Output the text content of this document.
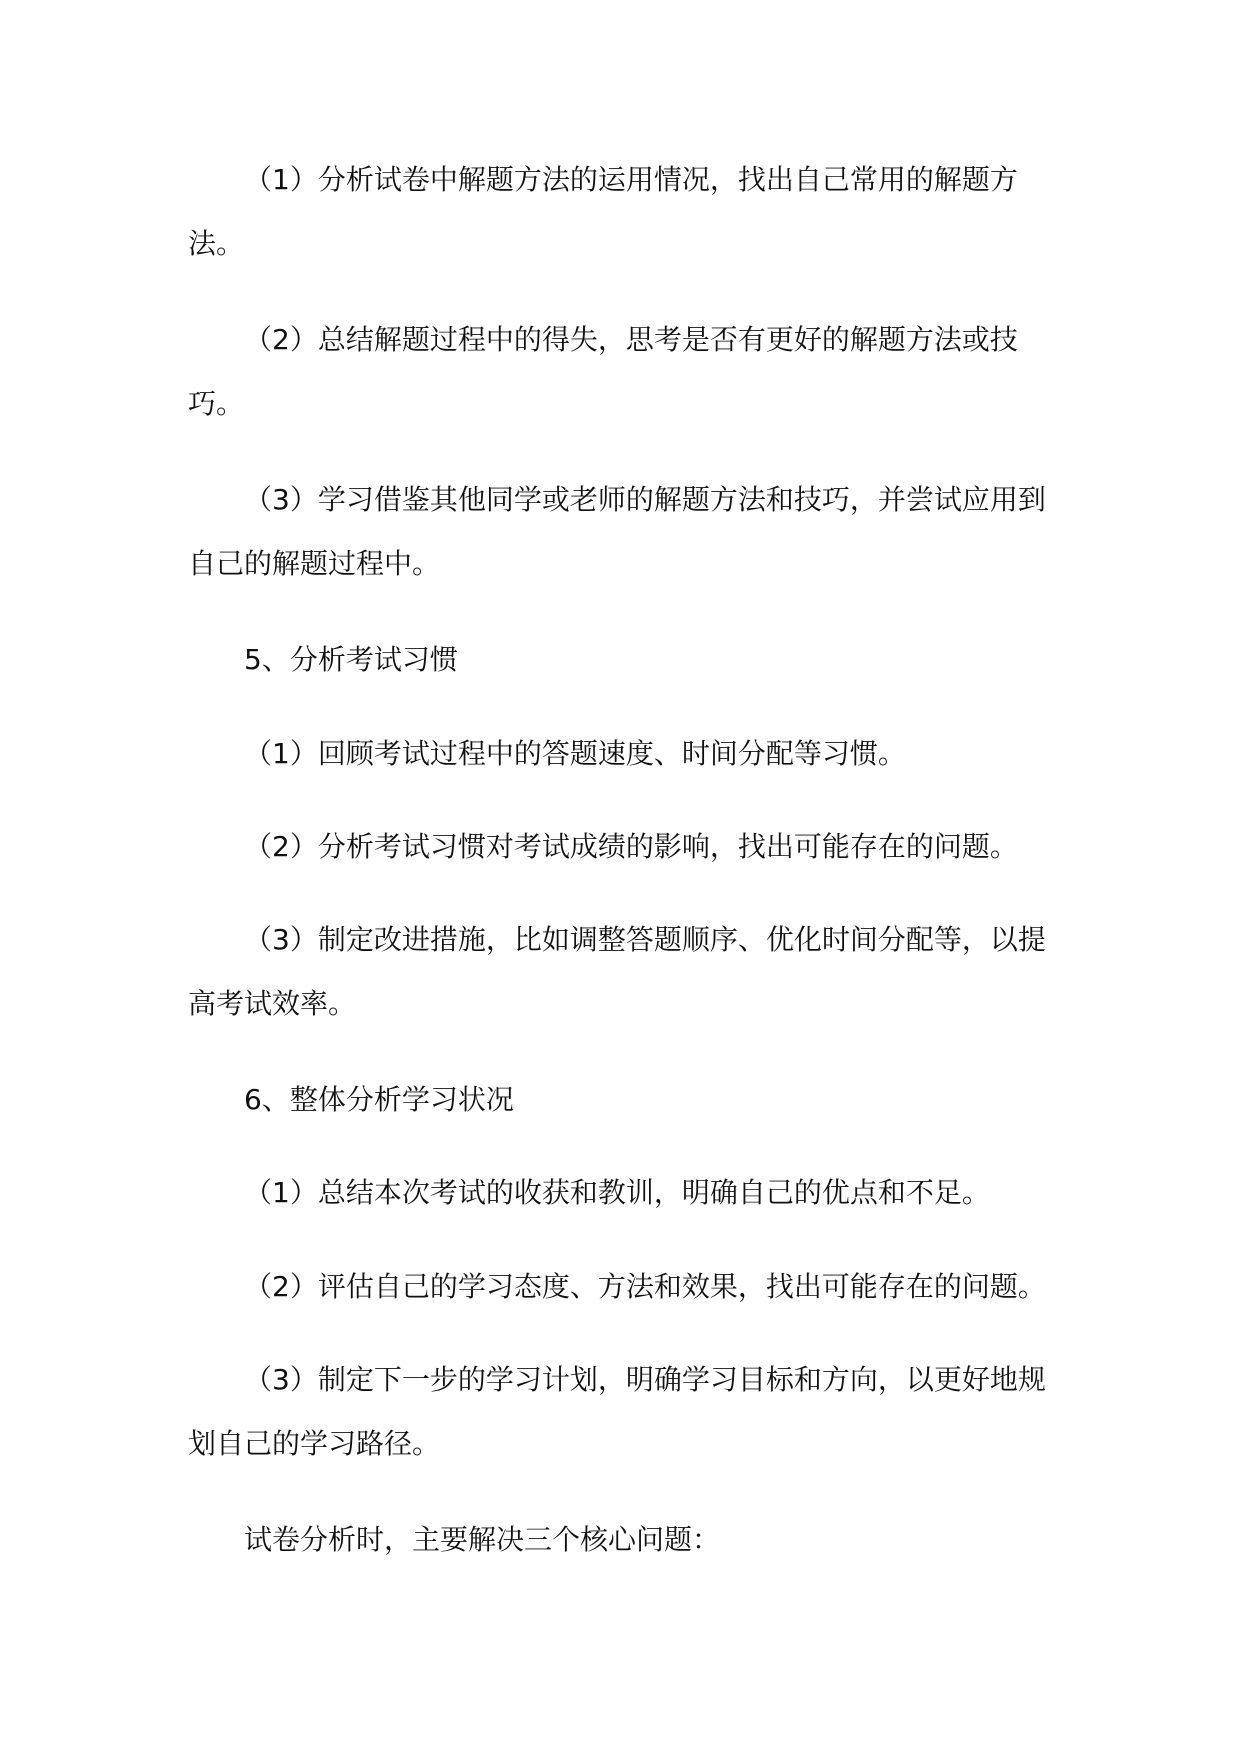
（1）分析试卷中解题方法的运用情况，找出自己常用的解题方法。

（2）总结解题过程中的得失，思考是否有更好的解题方法或技巧。

（3）学习借鉴其他同学或老师的解题方法和技巧，并尝试应用到自己的解题过程中。

5、分析考试习惯

（1）回顾考试过程中的答题速度、时间分配等习惯。

（2）分析考试习惯对考试成绩的影响，找出可能存在的问题。

（3）制定改进措施，比如调整答题顺序、优化时间分配等，以提高考试效率。

6、整体分析学习状况

（1）总结本次考试的收获和教训，明确自己的优点和不足。

（2）评估自己的学习态度、方法和效果，找出可能存在的问题。

（3）制定下一步的学习计划，明确学习目标和方向，以更好地规划自己的学习路径。

试卷分析时，主要解决三个核心问题：
